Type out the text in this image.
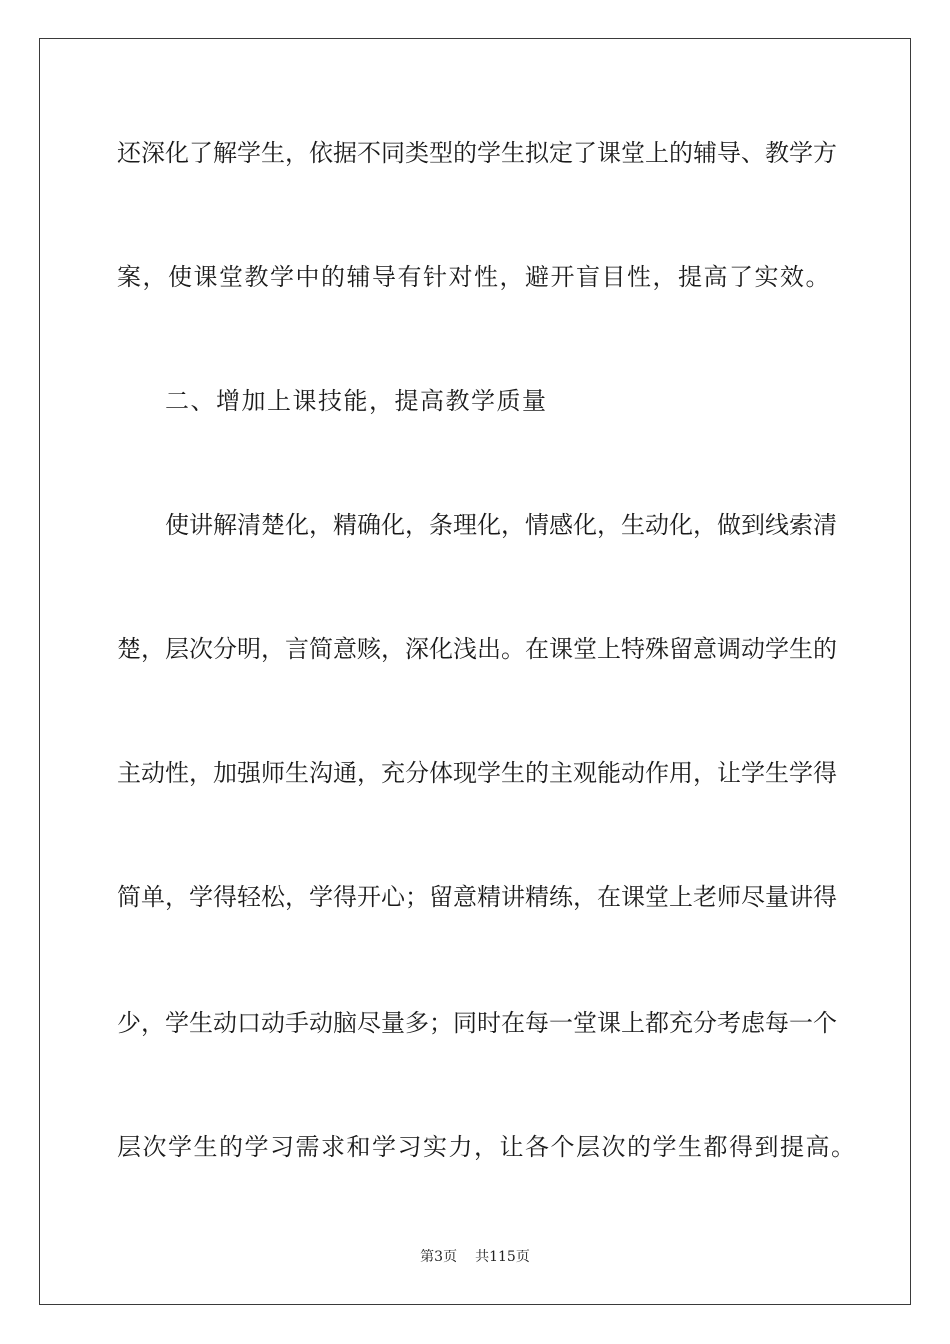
还深化了解学生，依据不同类型的学生拟定了课堂上的辅导、教学方
案，使课堂教学中的辅导有针对性，避开盲目性，提高了实效。
二、增加上课技能，提高教学质量
使讲解清楚化，精确化，条理化，情感化，生动化，做到线索清
楚，层次分明，言简意赅，深化浅出。在课堂上特殊留意调动学生的
主动性，加强师生沟通，充分体现学生的主观能动作用，让学生学得
简单，学得轻松，学得开心；留意精讲精练，在课堂上老师尽量讲得
少，学生动口动手动脑尽量多；同时在每一堂课上都充分考虑每一个
层次学生的学习需求和学习实力，让各个层次的学生都得到提高。
第3页 共115页
